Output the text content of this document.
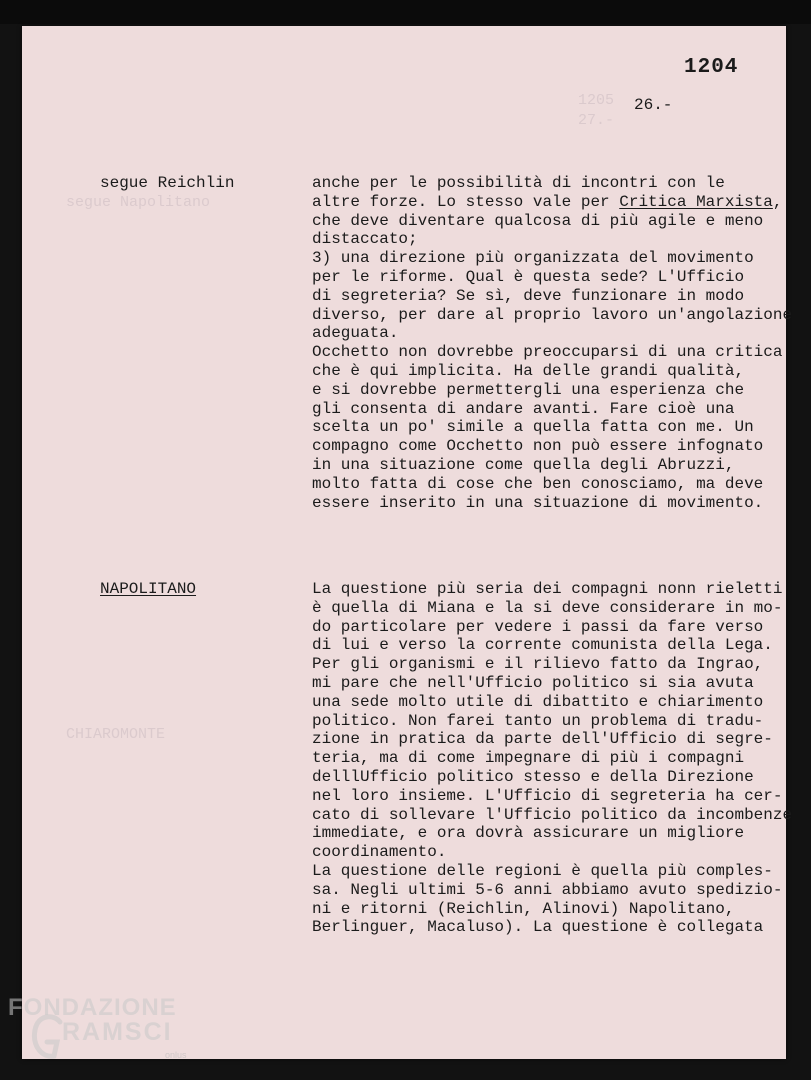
1205
27.-
segue Napolitano
CHIAROMONTE
1204
26.-
segue Reichlin	anche per le possibilità di incontri con le
altre forze. Lo stesso vale per Critica Marxista,
che deve diventare qualcosa di più agile e meno
distaccato;
3) una direzione più organizzata del movimento
per le riforme. Qual è questa sede? L'Ufficio
di segreteria? Se sì, deve funzionare in modo
diverso, per dare al proprio lavoro un'angolazione
adeguata.
Occhetto non dovrebbe preoccuparsi di una critica
che è qui implicita. Ha delle grandi qualità,
e si dovrebbe permettergli una esperienza che
gli consenta di andare avanti. Fare cioè una
scelta un po' simile a quella fatta con me. Un
compagno come Occhetto non può essere infognato
in una situazione come quella degli Abruzzi,
molto fatta di cose che ben conosciamo, ma deve
essere inserito in una situazione di movimento.
NAPOLITANO	La questione più seria dei compagni nonn rieletti
è quella di Miana e la si deve considerare in mo-
do particolare per vedere i passi da fare verso
di lui e verso la corrente comunista della Lega.
Per gli organismi e il rilievo fatto da Ingrao,
mi pare che nell'Ufficio politico si sia avuta
una sede molto utile di dibattito e chiarimento
politico. Non farei tanto un problema di tradu-
zione in pratica da parte dell'Ufficio di segre-
teria, ma di come impegnare di più i compagni
delllUfficio politico stesso e della Direzione
nel loro insieme. L'Ufficio di segreteria ha cer-
cato di sollevare l'Ufficio politico da incombenze
immediate, e ora dovrà assicurare un migliore
coordinamento.
La questione delle regioni è quella più comples-
sa. Negli ultimi 5-6 anni abbiamo avuto spedizio-
ni e ritorni (Reichlin, Alinovi) Napolitano,
Berlinguer, Macaluso). La questione è collegata
FONDAZIONE
RAMSCI
onlus
